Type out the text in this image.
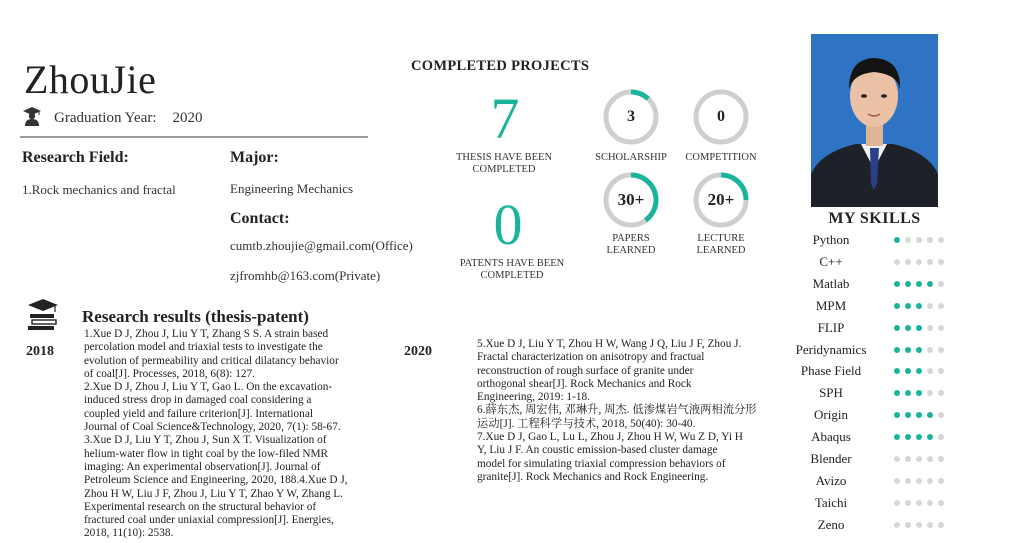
ZhouJie
Graduation Year: 2020
Research Field:
1.Rock mechanics and fractal
Major:
Engineering Mechanics
Contact:
cumtb.zhoujie@gmail.com(Office)
zjfromhb@163.com(Private)
COMPLETED PROJECTS
7
THESIS HAVE BEEN
COMPLETED
0
PATENTS HAVE BEEN
COMPLETED
3
SCHOLARSHIP
0
COMPETITION
30+
PAPERS
LEARNED
20+
LECTURE
LEARNED
MY SKILLS
Python
C++
Matlab
MPM
FLIP
Peridynamics
Phase Field
SPH
Origin
Abaqus
Blender
Avizo
Taichi
Zeno
Research results (thesis-patent)
2018
1.Xue D J, Zhou J, Liu Y T, Zhang S S. A strain based
percolation model and triaxial tests to investigate the
evolution of permeability and critical dilatancy behavior
of coal[J]. Processes, 2018, 6(8): 127.
2.Xue D J, Zhou J, Liu Y T, Gao L. On the excavation-
induced stress drop in damaged coal considering a
coupled yield and failure criterion[J]. International
Journal of Coal Science&Technology, 2020, 7(1): 58-67.
3.Xue D J, Liu Y T, Zhou J, Sun X T. Visualization of
helium-water flow in tight coal by the low-filed NMR
imaging: An experimental observation[J]. Journal of
Petroleum Science and Engineering, 2020, 188.4.Xue D J,
Zhou H W, Liu J F, Zhou J, Liu Y T, Zhao Y W, Zhang L.
Experimental research on the structural behavior of
fractured coal under uniaxial compression[J]. Energies,
2018, 11(10): 2538.
2020	5.Xue D J, Liu Y T, Zhou H W, Wang J Q, Liu J F, Zhou J.
Fractal characterization on anisotropy and fractual
reconstruction of rough surface of granite under
orthogonal shear[J]. Rock Mechanics and Rock
Engineering, 2019: 1-18.
6.薛东杰, 周宏伟, 邓琳升, 周杰. 低渗煤岩气液两相流分形
运动[J]. 工程科学与技术, 2018, 50(40): 30-40.
7.Xue D J, Gao L, Lu L, Zhou J, Zhou H W, Wu Z D, Yi H
Y, Liu J F. An coustic emission-based cluster damage
model for simulating triaxial compression behaviors of
granite[J]. Rock Mechanics and Rock Engineering.
